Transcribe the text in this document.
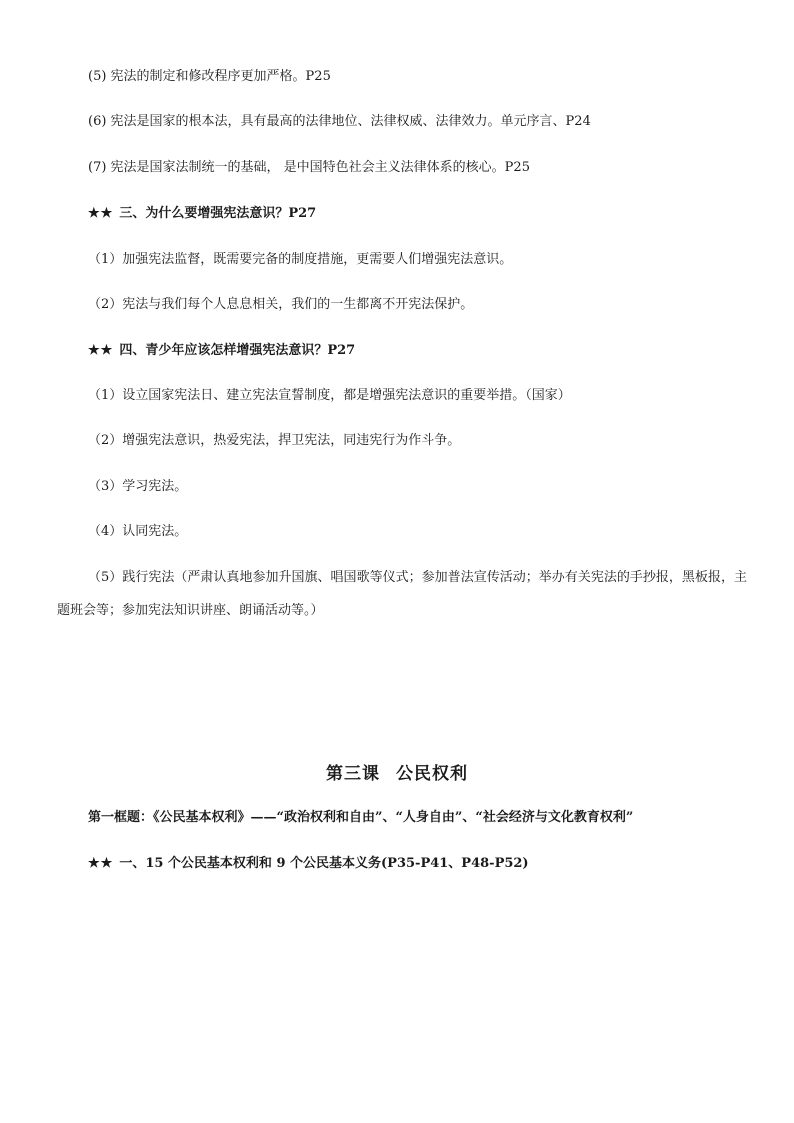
(5) 宪法的制定和修改程序更加严格。P25
(6) 宪法是国家的根本法，具有最高的法律地位、法律权威、法律效力。单元序言、P24
(7) 宪法是国家法制统一的基础， 是中国特色社会主义法律体系的核心。P25
★★ 三、为什么要增强宪法意识？P27
（1）加强宪法监督，既需要完备的制度措施，更需要人们增强宪法意识。
（2）宪法与我们每个人息息相关，我们的一生都离不开宪法保护。
★★ 四、青少年应该怎样增强宪法意识？P27
（1）设立国家宪法日、建立宪法宣誓制度，都是增强宪法意识的重要举措。（国家）
（2）增强宪法意识，热爱宪法，捍卫宪法，同违宪行为作斗争。
（3）学习宪法。
（4）认同宪法。
（5）践行宪法（严肃认真地参加升国旗、唱国歌等仪式；参加普法宣传活动；举办有关宪法的手抄报，黑板报，主题班会等；参加宪法知识讲座、朗诵活动等。）
第三课 公民权利
第一框题：《公民基本权利》——“政治权利和自由”、“人身自由”、“社会经济与文化教育权利”
★★ 一、15 个公民基本权利和 9 个公民基本义务(P35-P41、P48-P52)
